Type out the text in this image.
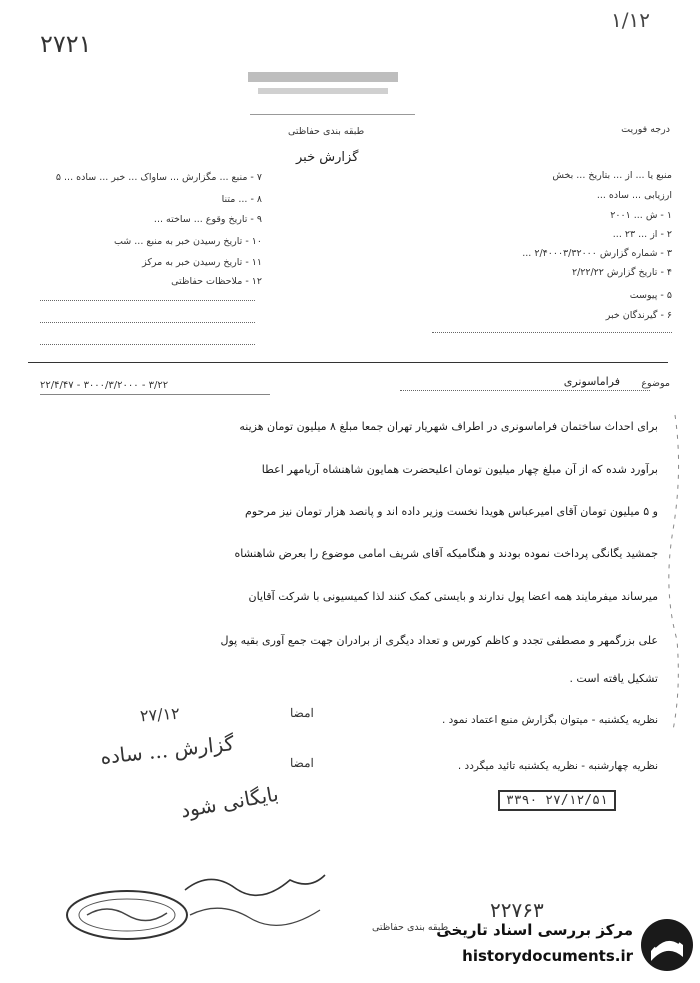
۱/۱۲
۲۷۲۱
طبقه بندی حفاظتی
گزارش خبر
درجه فوریت
منبع یا ... از ... بتاریخ ... بخش
ارزیابی ... ساده ...
۱ - ش ... ۲۰۰۱
۲ - از ... ۲۳ ...
۳ - شماره گزارش ۲/۴۰۰۰۳/۳۲۰۰۰ ...
۴ - تاریخ گزارش ۲/۲۲/۲۲
۵ - پیوست
۶ - گیرندگان خبر
۷ - منبع ... مگزارش ... ساواک ... خبر ... ساده ... ۵
۸ - ... متنا
۹ - تاریخ وقوع ... ساخته ...
۱۰ - تاریخ رسیدن خبر به منبع ... شب
۱۱ - تاریخ رسیدن خبر به مرکز
۱۲ - ملاحظات حفاظتی
موضوع
فراماسونری
۳/۲۲ - ۳۰۰۰/۳/۲۰۰۰ - ۲۲/۴/۴۷
برای احداث ساختمان فراماسونری در اطراف شهریار تهران جمعا مبلغ ۸ میلیون تومان هزینه
برآورد شده که از آن مبلغ چهار میلیون تومان اعلیحضرت همایون شاهنشاه آریامهر اعطا
و ۵ میلیون تومان آقای امیرعباس هویدا نخست وزیر داده اند و پانصد هزار تومان نیز مرحوم
جمشید یگانگی پرداخت نموده بودند و هنگامیکه آقای شریف امامی موضوع را بعرض شاهنشاه
میرساند میفرمایند همه اعضا پول ندارند و بایستی کمک کنند لذا کمیسیونی با شرکت آقایان
علی بزرگمهر و مصطفی تجدد و کاظم کورس و تعداد دیگری از برادران جهت جمع آوری بقیه پول
تشکیل یافته است .
نظریه یکشنبه - میتوان بگزارش منبع اعتماد نمود .
امضا
نظریه چهارشنبه - نظریه یکشنبه تائید میگردد .
امضا
۲۷/۱۲
گزارش ... ساده
بایگانی شود	۳۳۹۰ ۲۷/۱۲/۵۱
۲۲۷۶۳
طبقه بندی حفاظتی
مرکز بررسی اسناد تاریخی
historydocuments.ir
